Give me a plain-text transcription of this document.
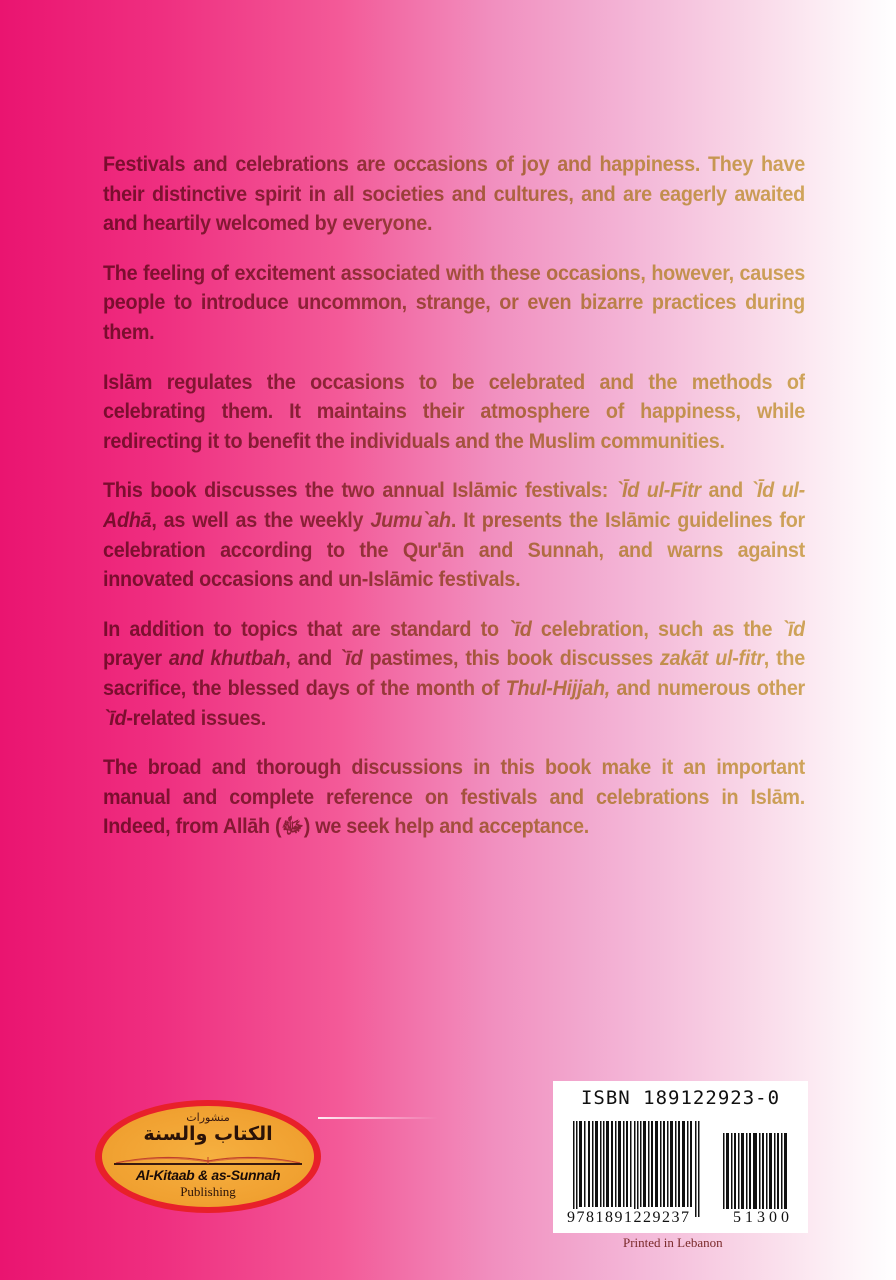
Festivals and celebrations are occasions of joy and happiness. They have their distinctive spirit in all societies and cultures, and are eagerly awaited and heartily welcomed by everyone.

The feeling of excitement associated with these occasions, however, causes people to introduce uncommon, strange, or even bizarre practices during them.

Islām regulates the occasions to be celebrated and the methods of celebrating them. It maintains their atmosphere of happiness, while redirecting it to benefit the individuals and the Muslim communities.

This book discusses the two annual Islāmic festivals: `Īd ul-Fitr and `Īd ul-Adhā, as well as the weekly Jumu`ah. It presents the Islāmic guidelines for celebration according to the Qur'ān and Sunnah, and warns against innovated occasions and un-Islāmic festivals.

In addition to topics that are standard to `īd celebration, such as the `īd prayer and khutbah, and `īd pastimes, this book discusses zakāt ul-fitr, the sacrifice, the blessed days of the month of Thul-Hijjah, and numerous other `īd-related issues.

The broad and thorough discussions in this book make it an important manual and complete reference on festivals and celebrations in Islām. Indeed, from Allāh (ﷻ) we seek help and acceptance.

منشورات
الكتاب والسنة
Al-Kitaab & as-Sunnah
Publishing
ISBN 189122923-0
9781891229237	51300
Printed in Lebanon
